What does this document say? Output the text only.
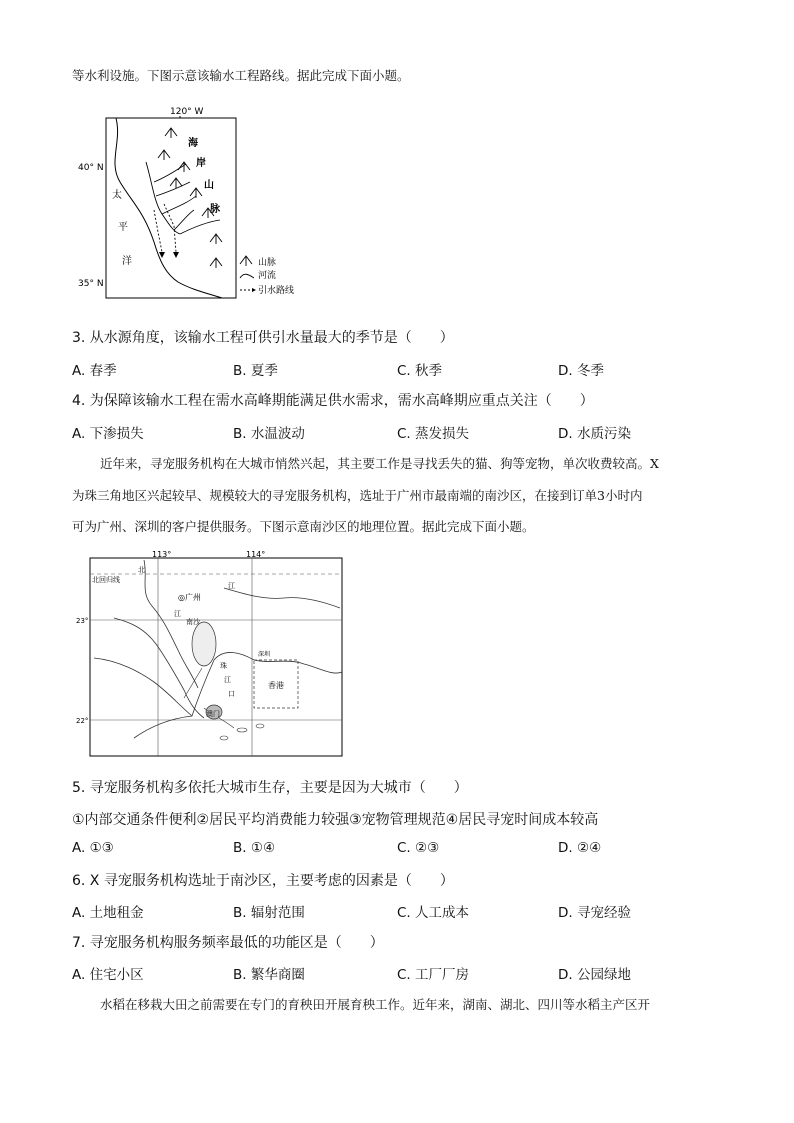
等水利设施。下图示意该输水工程路线。据此完成下面小题。
120° W
40° N
35° N
海
岸
山
脉
太
平
洋	山脉
河流
引水路线
3. 从水源角度，该输水工程可供引水量最大的季节是（　　）
A. 春季	B. 夏季	C. 秋季	D. 冬季
4. 为保障该输水工程在需水高峰期能满足供水需求，需水高峰期应重点关注（　　）
A. 下渗损失	B. 水温波动	C. 蒸发损失	D. 水质污染
近年来，寻宠服务机构在大城市悄然兴起，其主要工作是寻找丢失的猫、狗等宠物，单次收费较高。X
为珠三角地区兴起较早、规模较大的寻宠服务机构，选址于广州市最南端的南沙区，在接到订单3小时内
可为广州、深圳的客户提供服务。下图示意南沙区的地理位置。据此完成下面小题。
113°	114°
北回归线
23°
22°
◎广州
南沙
深圳
香港
澳门
北
江
江
珠
江
口
5. 寻宠服务机构多依托大城市生存，主要是因为大城市（　　）
①内部交通条件便利②居民平均消费能力较强③宠物管理规范④居民寻宠时间成本较高
A. ①③	B. ①④	C. ②③	D. ②④
6. X 寻宠服务机构选址于南沙区，主要考虑的因素是（　　）
A. 土地租金	B. 辐射范围	C. 人工成本	D. 寻宠经验
7. 寻宠服务机构服务频率最低的功能区是（　　）
A. 住宅小区	B. 繁华商圈	C. 工厂厂房	D. 公园绿地
水稻在移栽大田之前需要在专门的育秧田开展育秧工作。近年来，湖南、湖北、四川等水稻主产区开
